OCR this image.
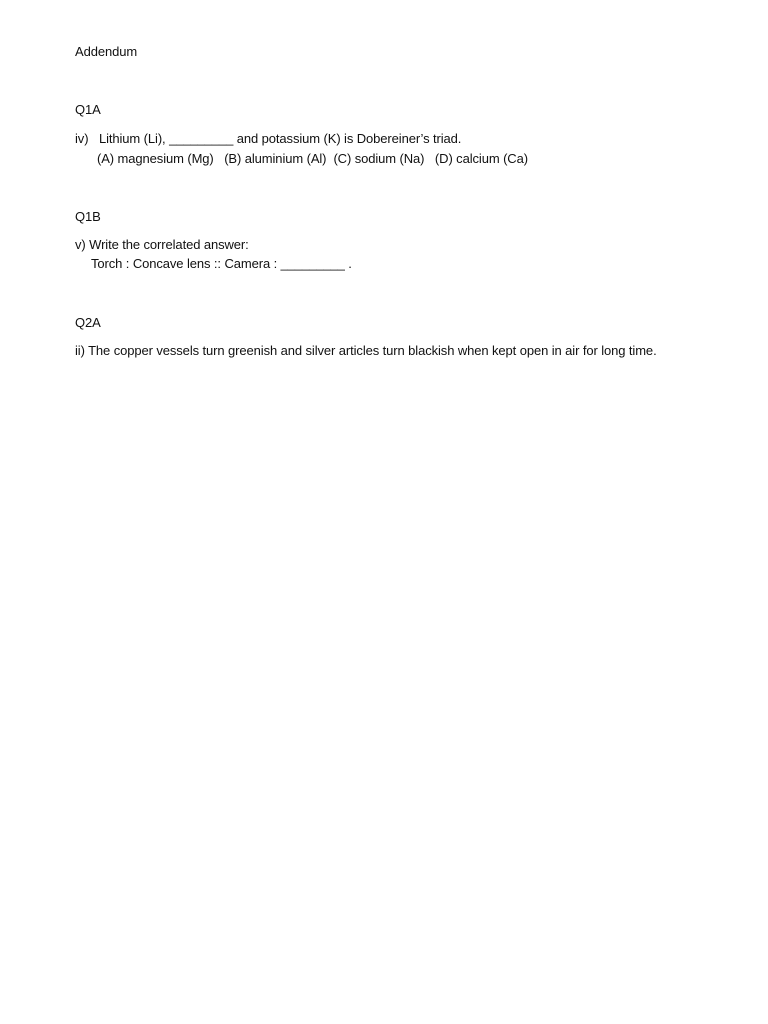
Addendum
Q1A
iv)   Lithium (Li), _________ and potassium (K) is Dobereiner’s triad.
(A) magnesium (Mg)   (B) aluminium (Al)  (C) sodium (Na)   (D) calcium (Ca)
Q1B
v) Write the correlated answer:
Torch : Concave lens :: Camera : _________ .
Q2A
ii) The copper vessels turn greenish and silver articles turn blackish when kept open in air for long time.
